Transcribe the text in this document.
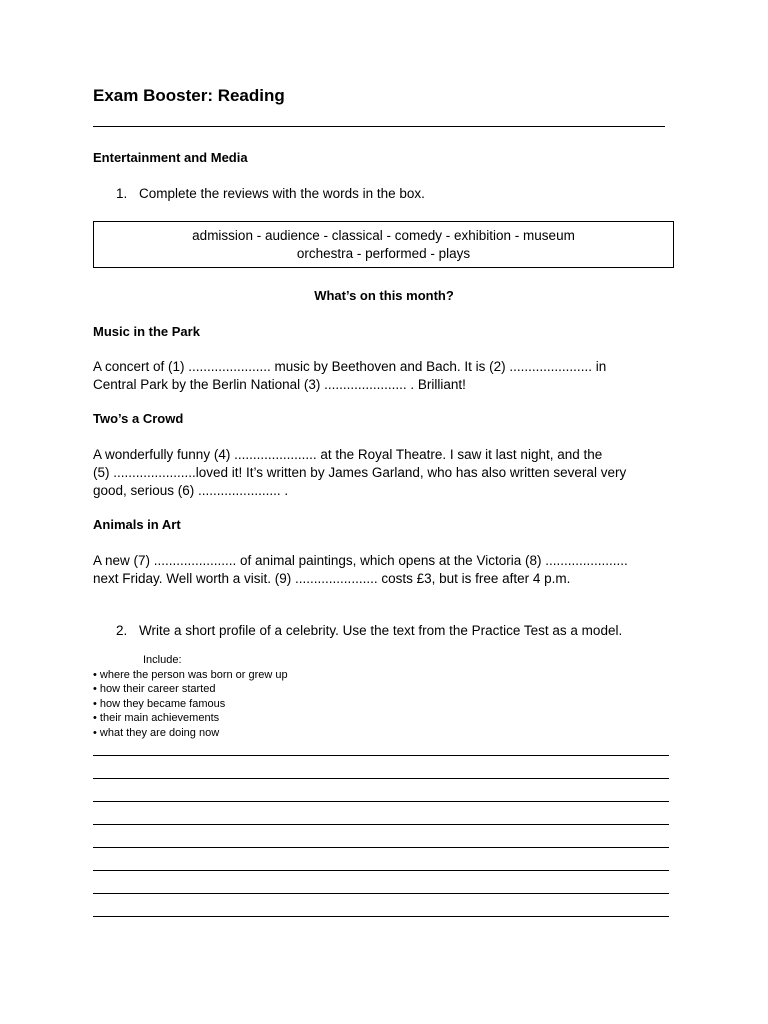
Exam Booster: Reading
Entertainment and Media
1. Complete the reviews with the words in the box.
admission - audience - classical - comedy - exhibition - museum
orchestra - performed - plays
What’s on this month?
Music in the Park
A concert of (1) ...................... music by Beethoven and Bach. It is (2) ...................... in
Central Park by the Berlin National (3) ...................... . Brilliant!
Two’s a Crowd
A wonderfully funny (4) ...................... at the Royal Theatre. I saw it last night, and the
(5) ......................loved it! It’s written by James Garland, who has also written several very
good, serious (6) ...................... .
Animals in Art
A new (7) ...................... of animal paintings, which opens at the Victoria (8) ......................
next Friday. Well worth a visit. (9) ...................... costs £3, but is free after 4 p.m.
2. Write a short profile of a celebrity. Use the text from the Practice Test as a model.
Include:
• where the person was born or grew up
• how their career started
• how they became famous
• their main achievements
• what they are doing now
